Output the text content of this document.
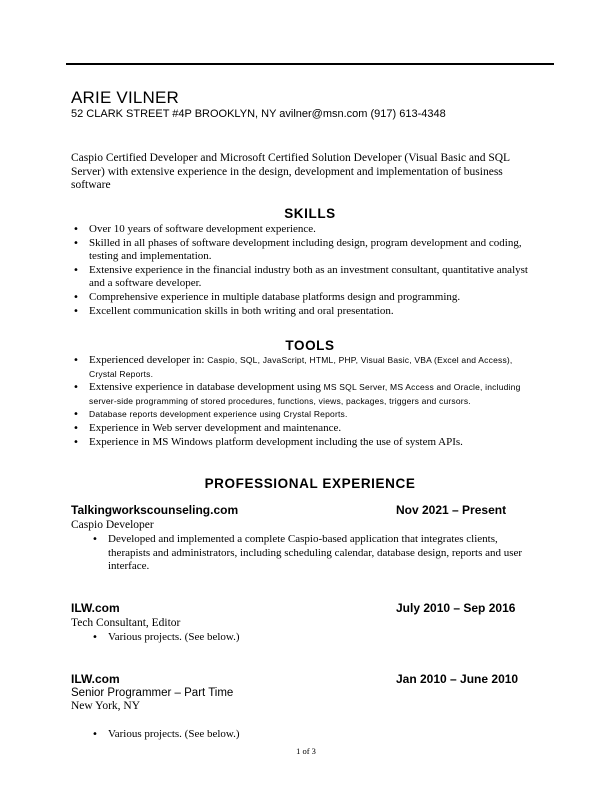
ARIE VILNER
52 CLARK STREET #4P BROOKLYN, NY avilner@msn.com (917) 613-4348
Caspio Certified Developer and Microsoft Certified Solution Developer (Visual Basic and SQL Server) with extensive experience in the design, development and implementation of business software
SKILLS
• Over 10 years of software development experience.
• Skilled in all phases of software development including design, program development and coding, testing and implementation.
• Extensive experience in the financial industry both as an investment consultant, quantitative analyst and a software developer.
• Comprehensive experience in multiple database platforms design and programming.
• Excellent communication skills in both writing and oral presentation.
TOOLS
• Experienced developer in: Caspio, SQL, JavaScript, HTML, PHP, Visual Basic, VBA (Excel and Access), Crystal Reports.
• Extensive experience in database development using MS SQL Server, MS Access and Oracle, including server-side programming of stored procedures, functions, views, packages, triggers and cursors.
• Database reports development experience using Crystal Reports.
• Experience in Web server development and maintenance.
• Experience in MS Windows platform development including the use of system APIs.
PROFESSIONAL EXPERIENCE
Talkingworkscounseling.com	Nov 2021 – Present
Caspio Developer
• Developed and implemented a complete Caspio-based application that integrates clients, therapists and administrators, including scheduling calendar, database design, reports and user interface.
ILW.com	July 2010 – Sep 2016
Tech Consultant, Editor
• Various projects. (See below.)
ILW.com	Jan 2010 – June 2010
Senior Programmer – Part Time
New York, NY
• Various projects. (See below.)
1 of 3
